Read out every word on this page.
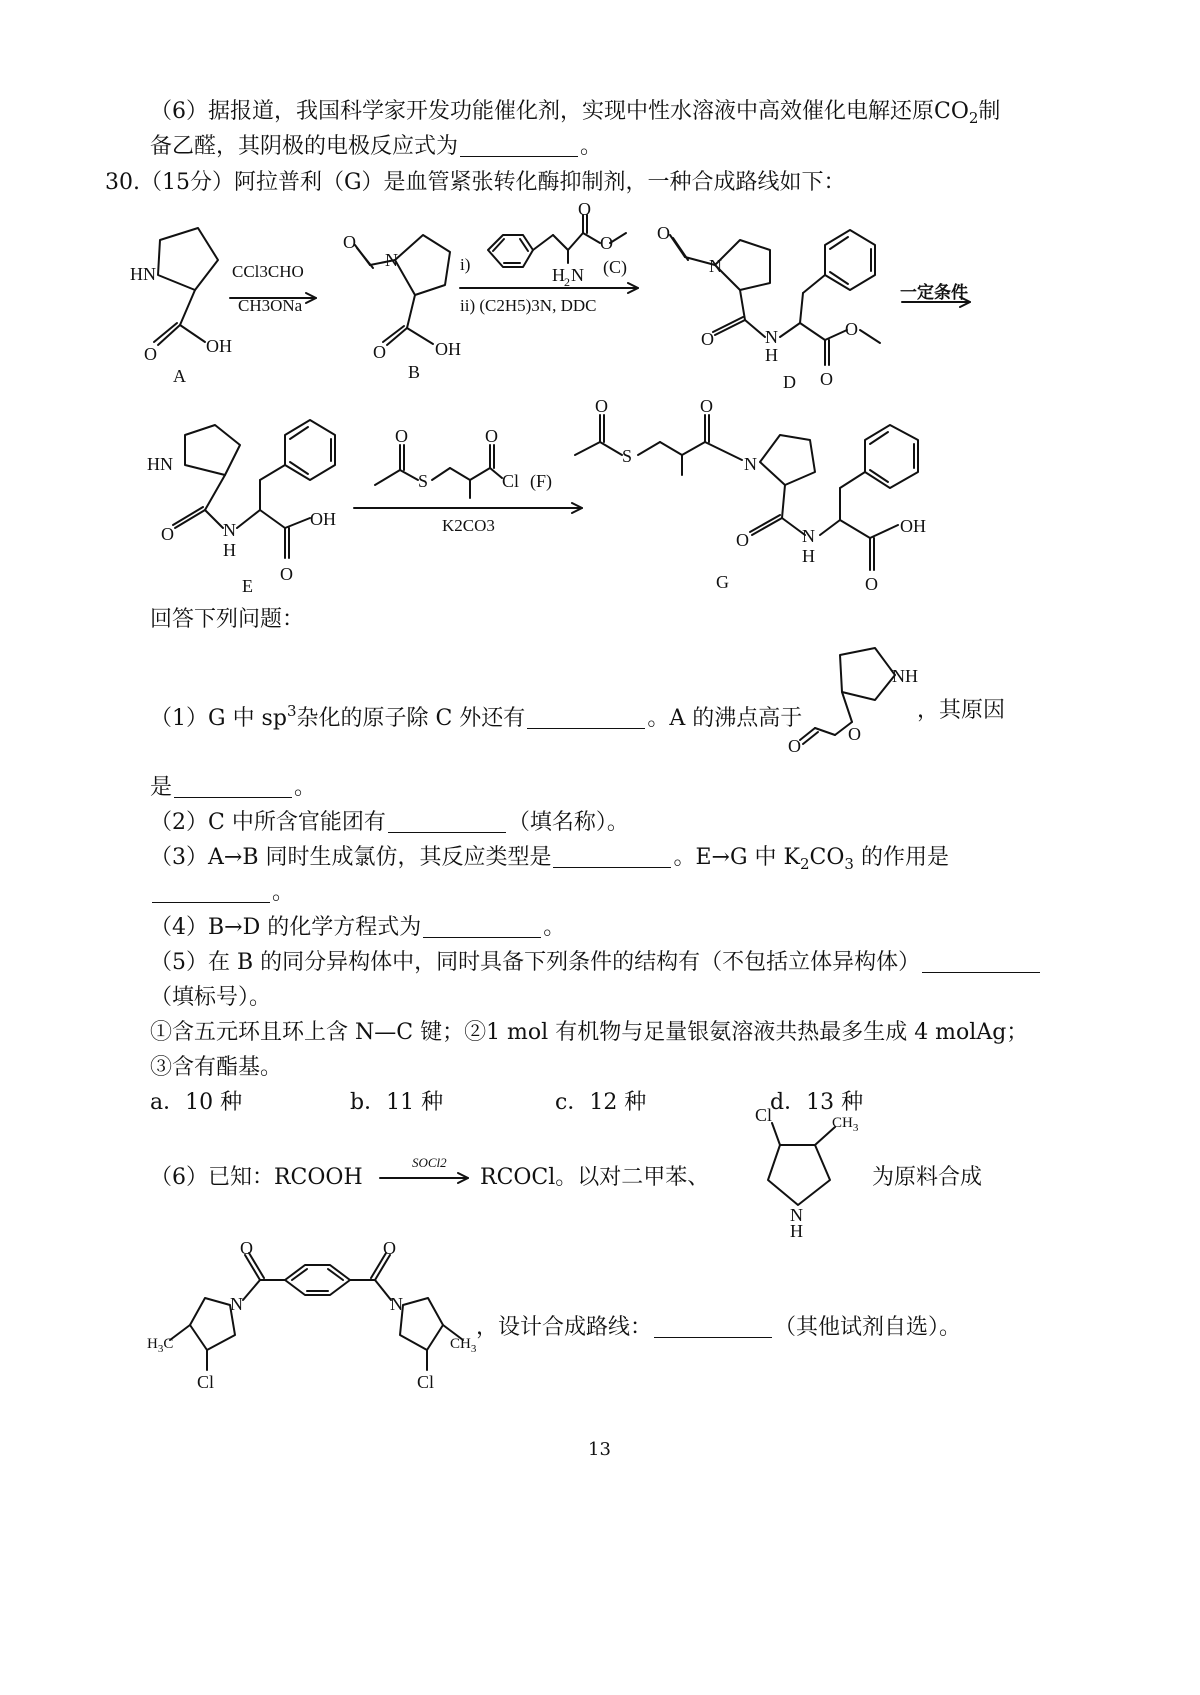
（6）据报道，我国科学家开发功能催化剂，实现中性水溶液中高效催化电解还原$CO_2$制
备乙醛，其阴极的电极反应式为	。
30.（15分）阿拉普利（G）是血管紧张转化酶抑制剂，一种合成路线如下：
HN
O	OH
A
CCl3CHO
CH3ONa
N
O
O	OH
B
O
O
H 2 N (C)
i)
ii) (C2H5)3N, DDC
N
O
O	N
H
O
O
D
一定条件
HN
O	N
H
O
OH
E
O
S
O
Cl (F)
K2CO3
O
S
O
N
O	N
H
O
OH
G
回答下列问题：
（1）G 中 $sp^3$杂化的原子除 C 外还有	。A 的沸点高于
NH
O
O
，其原因
是	。
（2）C 中所含官能团有	（填名称）。
（3）A→B 同时生成氯仿，其反应类型是	。E→G 中 $K_2CO_3$ 的作用是
。
（4）B→D 的化学方程式为	。
（5）在 B 的同分异构体中，同时具备下列条件的结构有（不包括立体异构体）
（填标号）。
①含五元环且环上含 N—C 键；②1 mol 有机物与足量银氨溶液共热最多生成 4 molAg；
③含有酯基。
a．10 种	b．11 种	c．12 种	d．13 种
（6）已知：RCOOH
SOCl2
RCOCl。以对二甲苯、
Cl	$CH_3$
N
H
为原料合成
O
N
$H_3C$
Cl
O
N
$CH_3$
Cl
，设计合成路线：	（其他试剂自选）。
13
